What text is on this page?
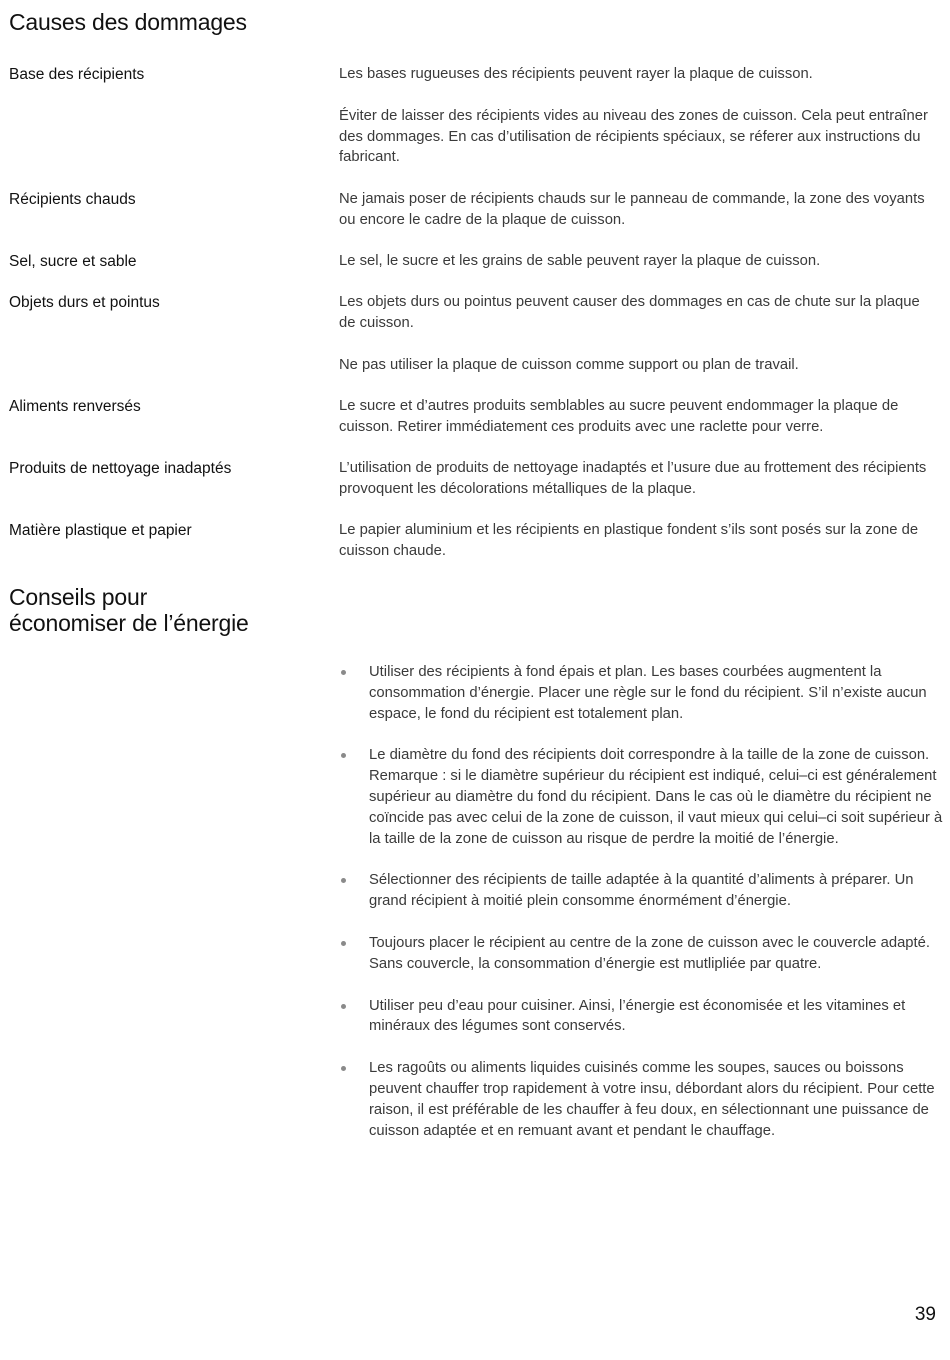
Causes des dommages
Base des récipients	Les bases rugueuses des récipients peuvent rayer la plaque de cuisson.

Éviter de laisser des récipients vides au niveau des zones de cuisson. Cela peut entraîner des dommages. En cas d’utilisation de récipients spéciaux, se réferer aux instructions du fabricant.

Récipients chauds	Ne jamais poser de récipients chauds sur le panneau de commande, la zone des voyants ou encore le cadre de la plaque de cuisson.

Sel, sucre et sable	Le sel, le sucre et les grains de sable peuvent rayer la plaque de cuisson.

Objets durs et pointus	Les objets durs ou pointus peuvent causer des dommages en cas de chute sur la plaque de cuisson.

Ne pas utiliser la plaque de cuisson comme support ou plan de travail.

Aliments renversés	Le sucre et d’autres produits semblables au sucre peuvent endommager la plaque de cuisson. Retirer immédiatement ces produits avec une raclette pour verre.

Produits de nettoyage inadaptés	L’utilisation de produits de nettoyage inadaptés et l’usure due au frottement des récipients provoquent les décolorations métalliques de la plaque.

Matière plastique et papier	Le papier aluminium et les récipients en plastique fondent s’ils sont posés sur la zone de cuisson chaude.

Conseils pour
économiser de l’énergie

Utiliser des récipients à fond épais et plan. Les bases courbées augmentent la consommation d’énergie. Placer une règle sur le fond du récipient. S’il n’existe aucun espace, le fond du récipient est totalement plan.

Le diamètre du fond des récipients doit correspondre à la taille de la zone de cuisson. Remarque : si le diamètre supérieur du récipient est indiqué, celui–ci est généralement supérieur au diamètre du fond du récipient. Dans le cas où le diamètre du récipient ne coïncide pas avec celui de la zone de cuisson, il vaut mieux qui celui–ci soit supérieur à la taille de la zone de cuisson au risque de perdre la moitié de l’énergie.

Sélectionner des récipients de taille adaptée à la quantité d’aliments à préparer. Un grand récipient à moitié plein consomme énormément d’énergie.

Toujours placer le récipient au centre de la zone de cuisson avec le couvercle adapté. Sans couvercle, la consommation d’énergie est mutlipliée par quatre.

Utiliser peu d’eau pour cuisiner. Ainsi, l’énergie est économisée et les vitamines et minéraux des légumes sont conservés.

Les ragoûts ou aliments liquides cuisinés comme les soupes, sauces ou boissons peuvent chauffer trop rapidement à votre insu, débordant alors du récipient. Pour cette raison, il est préférable de les chauffer à feu doux, en sélectionnant une puissance de cuisson adaptée et en remuant avant et pendant le chauffage.

39
